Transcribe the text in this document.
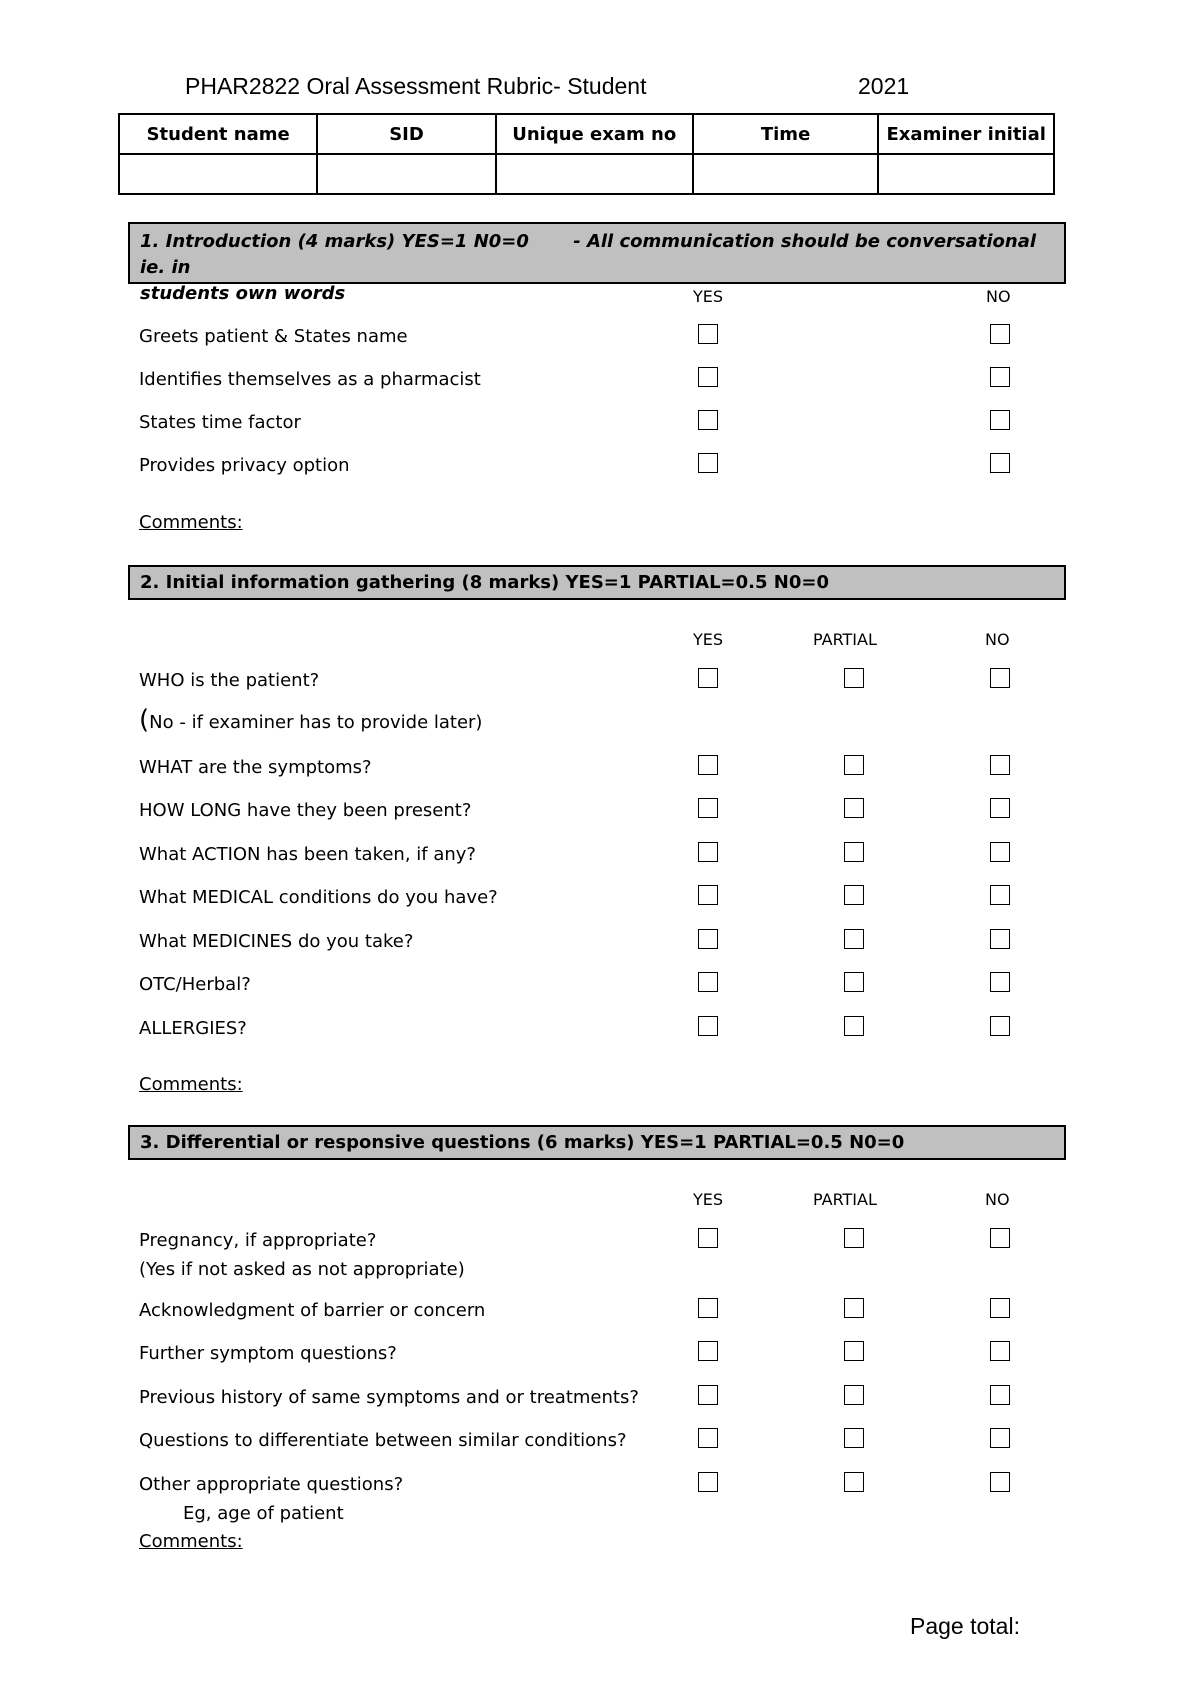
PHAR2822 Oral Assessment Rubric- Student	2021
Student name	SID	Unique exam no	Time	Examiner initial

1. Introduction (4 marks) YES=1 N0=0 - All communication should be conversational ie. in
students own words	YES	NO
Greets patient & States name
Identifies themselves as a pharmacist
States time factor
Provides privacy option
Comments:
2. Initial information gathering (8 marks) YES=1 PARTIAL=0.5 N0=0
YES	PARTIAL	NO
WHO is the patient?
(No - if examiner has to provide later)
WHAT are the symptoms?
HOW LONG have they been present?
What ACTION has been taken, if any?
What MEDICAL conditions do you have?
What MEDICINES do you take?
OTC/Herbal?
ALLERGIES?
Comments:
3. Differential or responsive questions (6 marks) YES=1 PARTIAL=0.5 N0=0
YES	PARTIAL	NO
Pregnancy, if appropriate?
(Yes if not asked as not appropriate)
Acknowledgment of barrier or concern
Further symptom questions?
Previous history of same symptoms and or treatments?
Questions to differentiate between similar conditions?
Other appropriate questions?
Eg, age of patient
Comments:
Page total:
